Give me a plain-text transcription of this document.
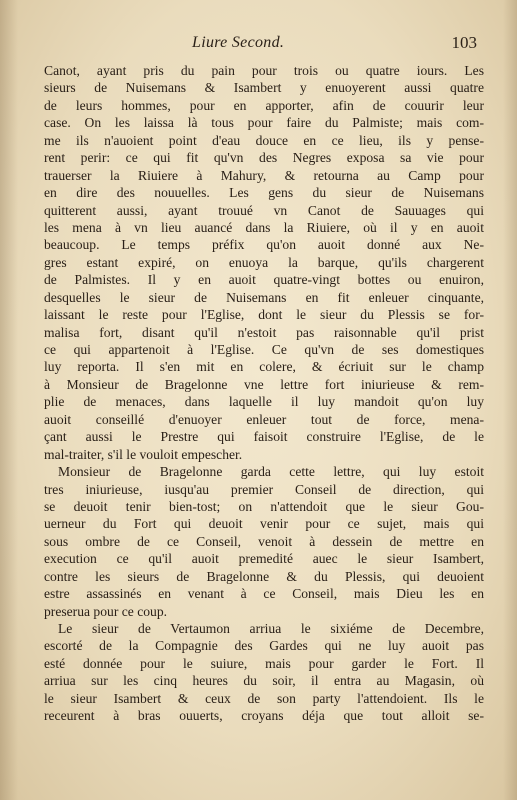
Liure Second.	103
Canot, ayant pris du pain pour trois ou quatre iours. Les
sieurs de Nuisemans & Isambert y enuoyerent aussi quatre
de leurs hommes, pour en apporter, afin de couurir leur
case. On les laissa là tous pour faire du Palmiste; mais com-
me ils n'auoient point d'eau douce en ce lieu, ils y pense-
rent perir: ce qui fit qu'vn des Negres exposa sa vie pour
trauerser la Riuiere à Mahury, & retourna au Camp pour
en dire des nouuelles. Les gens du sieur de Nuisemans
quitterent aussi, ayant trouué vn Canot de Sauuages qui
les mena à vn lieu auancé dans la Riuiere, où il y en auoit
beaucoup. Le temps préfix qu'on auoit donné aux Ne-
gres estant expiré, on enuoya la barque, qu'ils chargerent
de Palmistes. Il y en auoit quatre-vingt bottes ou enuiron,
desquelles le sieur de Nuisemans en fit enleuer cinquante,
laissant le reste pour l'Eglise, dont le sieur du Plessis se for-
malisa fort, disant qu'il n'estoit pas raisonnable qu'il prist
ce qui appartenoit à l'Eglise. Ce qu'vn de ses domestiques
luy reporta. Il s'en mit en colere, & écriuit sur le champ
à Monsieur de Bragelonne vne lettre fort iniurieuse & rem-
plie de menaces, dans laquelle il luy mandoit qu'on luy
auoit conseillé d'enuoyer enleuer tout de force, mena-
çant aussi le Prestre qui faisoit construire l'Eglise, de le
mal-traiter, s'il le vouloit empescher.
Monsieur de Bragelonne garda cette lettre, qui luy estoit
tres iniurieuse, iusqu'au premier Conseil de direction, qui
se deuoit tenir bien-tost; on n'attendoit que le sieur Gou-
uerneur du Fort qui deuoit venir pour ce sujet, mais qui
sous ombre de ce Conseil, venoit à dessein de mettre en
execution ce qu'il auoit premedité auec le sieur Isambert,
contre les sieurs de Bragelonne & du Plessis, qui deuoient
estre assassinés en venant à ce Conseil, mais Dieu les en
preserua pour ce coup.
Le sieur de Vertaumon arriua le sixiéme de Decembre,
escorté de la Compagnie des Gardes qui ne luy auoit pas
esté donnée pour le suiure, mais pour garder le Fort. Il
arriua sur les cinq heures du soir, il entra au Magasin, où
le sieur Isambert & ceux de son party l'attendoient. Ils le
receurent à bras ouuerts, croyans déja que tout alloit se-
